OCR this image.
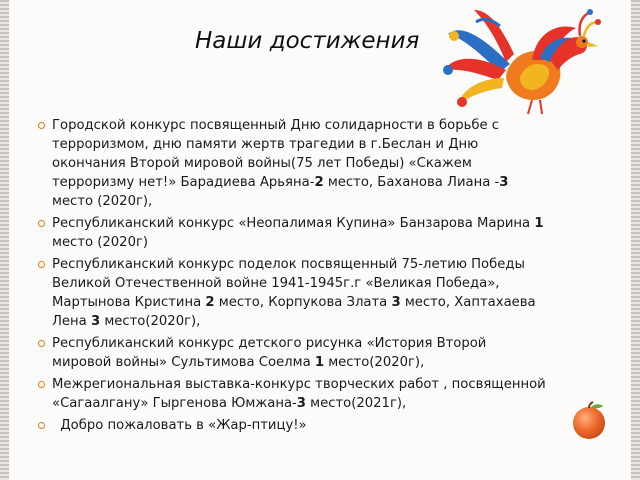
Наши достижения
Городской конкурс посвященный Дню солидарности в борьбе с терроризмом, дню памяти жертв трагедии в г.Беслан и Дню окончания Второй мировой войны(75 лет Победы) «Скажем терроризму нет!» Барадиева Арьяна-2 место, Баханова Лиана -3 место (2020г),
Республиканский конкурс «Неопалимая Купина» Банзарова Марина 1 место (2020г)
Республиканский конкурс поделок посвященный 75-летию Победы Великой Отечественной войне 1941-1945г.г «Великая Победа», Мартынова Кристина 2 место, Корпукова Злата 3 место, Хаптахаева Лена 3 место(2020г),
Республиканский конкурс детского рисунка «История Второй мировой войны» Сультимова Соелма 1 место(2020г),
Межрегиональная выставка-конкурс творческих работ , посвященной «Сагаалгану» Гыргенова Юмжана-3 место(2021г),
Добро пожаловать в «Жар-птицу!»
